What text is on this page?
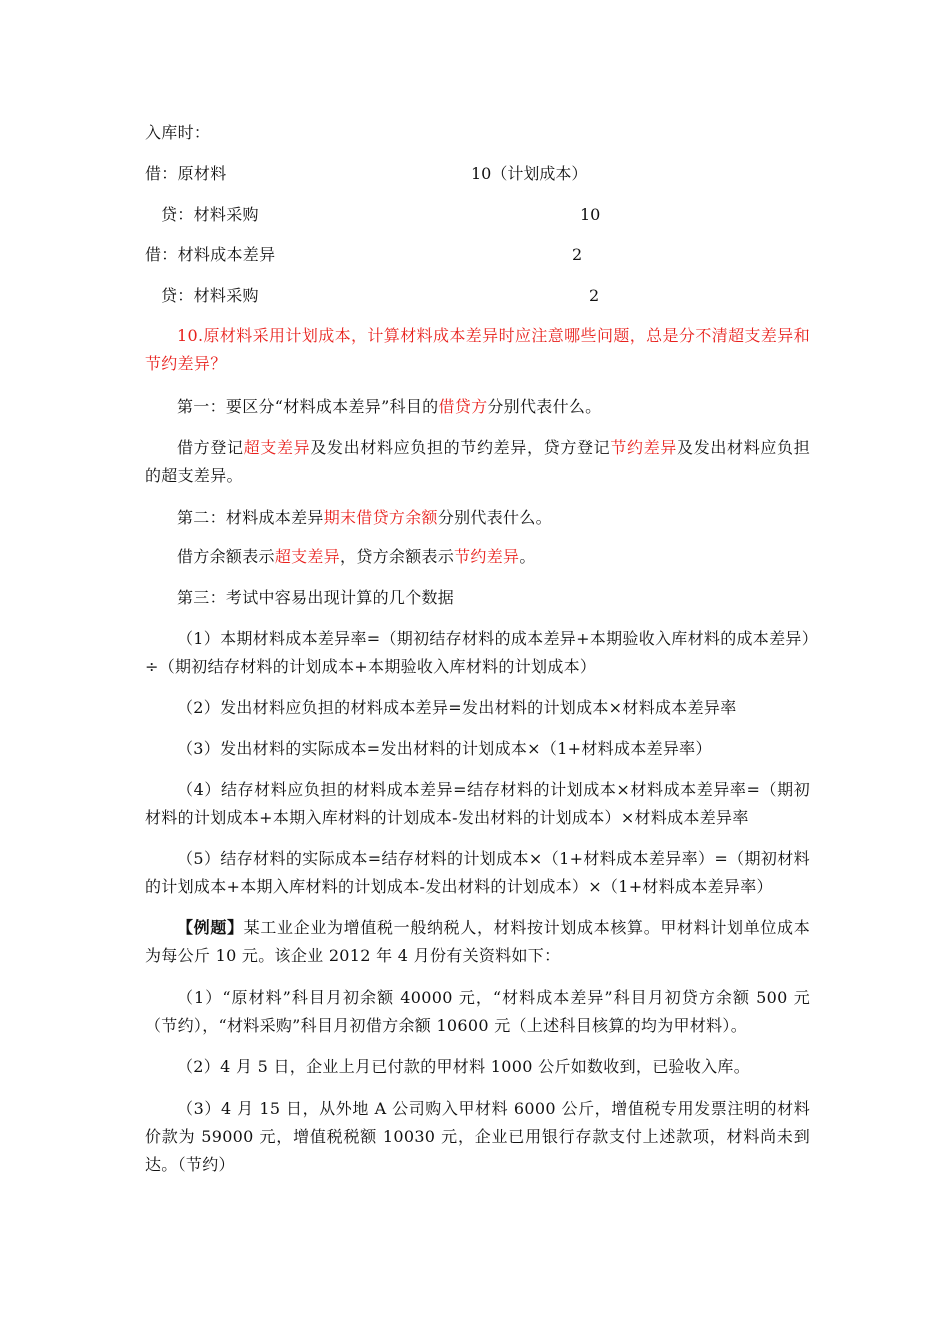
入库时：
借：原材料	10（计划成本）
贷：材料采购	10
借：材料成本差异	2
贷：材料采购	2
10.原材料采用计划成本，计算材料成本差异时应注意哪些问题，总是分不清超支差异和节约差异？
第一：要区分“材料成本差异”科目的借贷方分别代表什么。
借方登记超支差异及发出材料应负担的节约差异，贷方登记节约差异及发出材料应负担的超支差异。
第二：材料成本差异期末借贷方余额分别代表什么。
借方余额表示超支差异，贷方余额表示节约差异。
第三：考试中容易出现计算的几个数据
（1）本期材料成本差异率=（期初结存材料的成本差异+本期验收入库材料的成本差异）÷（期初结存材料的计划成本+本期验收入库材料的计划成本）
（2）发出材料应负担的材料成本差异=发出材料的计划成本×材料成本差异率
（3）发出材料的实际成本=发出材料的计划成本×（1+材料成本差异率）
（4）结存材料应负担的材料成本差异=结存材料的计划成本×材料成本差异率=（期初材料的计划成本+本期入库材料的计划成本-发出材料的计划成本）×材料成本差异率
（5）结存材料的实际成本=结存材料的计划成本×（1+材料成本差异率）=（期初材料的计划成本+本期入库材料的计划成本-发出材料的计划成本）×（1+材料成本差异率）
【例题】某工业企业为增值税一般纳税人，材料按计划成本核算。甲材料计划单位成本为每公斤 10 元。该企业 2012 年 4 月份有关资料如下：
（1）“原材料”科目月初余额 40000 元，“材料成本差异”科目月初贷方余额 500 元（节约），“材料采购”科目月初借方余额 10600 元（上述科目核算的均为甲材料）。
（2）4 月 5 日，企业上月已付款的甲材料 1000 公斤如数收到，已验收入库。
（3）4 月 15 日，从外地 A 公司购入甲材料 6000 公斤，增值税专用发票注明的材料价款为 59000 元，增值税税额 10030 元，企业已用银行存款支付上述款项，材料尚未到达。（节约）
